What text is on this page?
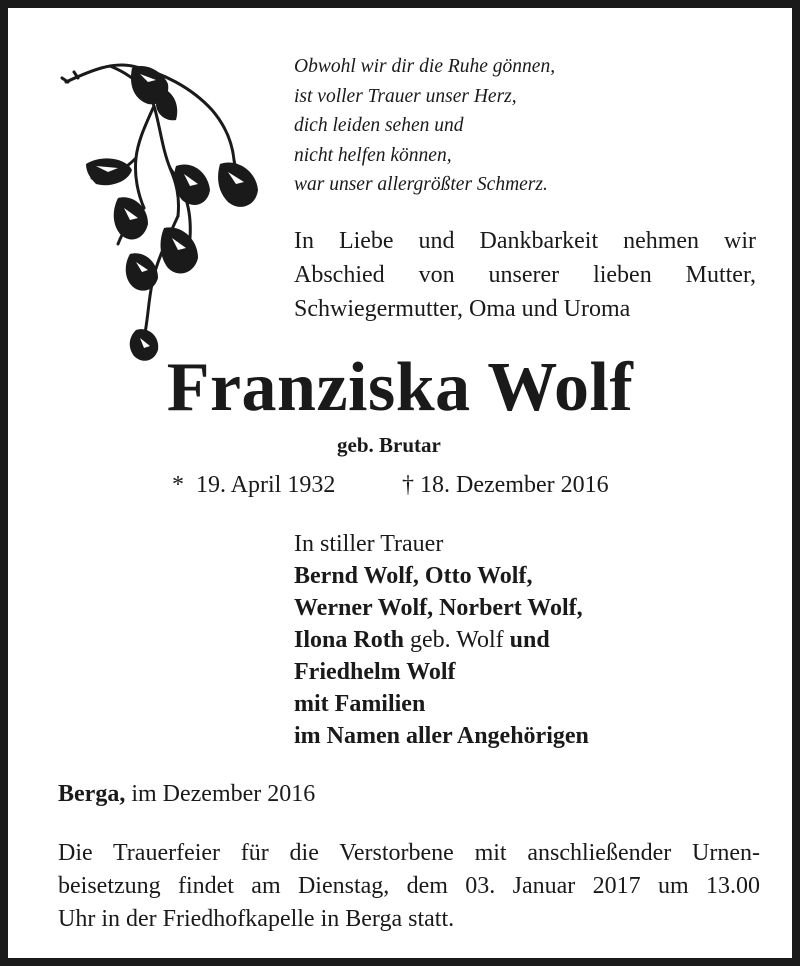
Obwohl wir dir die Ruhe gönnen,
ist voller Trauer unser Herz,
dich leiden sehen und
nicht helfen können,
war unser allergrößter Schmerz.
In Liebe und Dankbarkeit nehmen wir
Abschied von unserer lieben Mutter,
Schwiegermutter, Oma und Uroma
Franziska Wolf
geb. Brutar
* 19. April 1932	† 18. Dezember 2016
In stiller Trauer
Bernd Wolf, Otto Wolf,
Werner Wolf, Norbert Wolf,
Ilona Roth geb. Wolf und
Friedhelm Wolf
mit Familien
im Namen aller Angehörigen
Berga, im Dezember 2016
Die Trauerfeier für die Verstorbene mit anschließender Urnen-
beisetzung findet am Dienstag, dem 03. Januar 2017 um 13.00
Uhr in der Friedhofkapelle in Berga statt.
